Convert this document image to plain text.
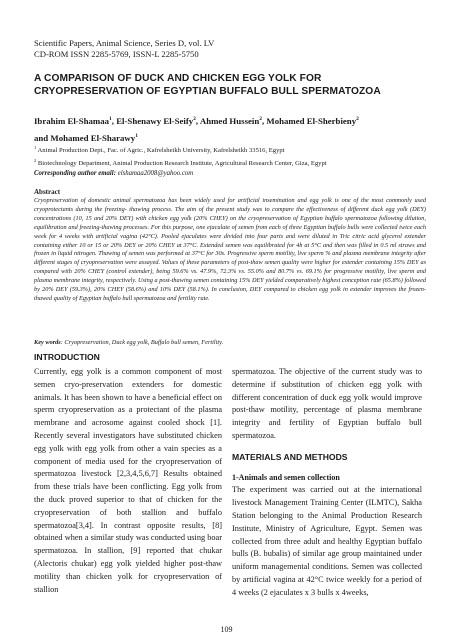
Scientific Papers, Animal Science, Series D, vol. LV
CD-ROM ISSN 2285-5769, ISSN-L 2285-5750
A COMPARISON OF DUCK AND CHICKEN EGG YOLK FOR CRYOPRESERVATION OF EGYPTIAN BUFFALO BULL SPERMATOZOA
Ibrahim El-Shamaa$^1$, El-Shenawy El-Seify$^2$, Ahmed Hussein$^2$, Mohamed El-Sherbieny$^2$
and Mohamed El-Sharawy$^1$
$^1$ Animal Production Dept., Fac. of Agric., Kafrelsheikh University, Kafrelsheikh 33516, Egypt
$^2$ Biotechnology Department, Animal Production Research Institute, Agricultural Research Center, Giza, Egypt
Corresponding author email: elshamaa2008@yahoo.com
Abstract
Cryopreservation of domestic animal spermatozoa has been widely used for artificial insemination and egg yolk is one of the most commonly used cryoprotectants during the freezing- thawing process. The aim of the present study was to compare the effectiveness of different duck egg yolk (DEY) concentrations (10, 15 and 20% DEY) with chicken egg yolk (20% CHEY) on the cryopreservation of Egyptian buffalo spermatozoa following dilution, equilibration and freezing-thawing processes. For this purpose, one ejaculate of semen from each of three Egyptian buffalo bulls were collected twice each week for 4 weeks with artificial vagina (42°C). Pooled ejaculates were divided into four parts and were diluted in Tric citric acid glycerol extender containing either 10 or 15 or 20% DEY or 20% CHEY at 37°C. Extended semen was equilibrated for 4h at 5°C and then was filled in 0.5 ml straws and frozen in liquid nitrogen. Thawing of semen was performed at 37°C for 30s. Progressive sperm motility, live sperm % and plasma membrane integrity after different stages of cryopreservation were assayed. Values of these parameters of post-thaw semen quality were higher for extender containing 15% DEY as compared with 20% CHEY (control extender), being 59.6% vs. 47.9%, 72.3% vs. 55.0% and 80.7% vs. 69.1% for progressive motility, live sperm and plasma membrane integrity, respectively. Using a post-thawing semen containing 15% DEY yielded comparatively highest conception rate (65.8%) followed by 20% DEY (59.3%), 20% CHEY (58.6%) and 10% DEY (58.1%). In conclusion, DEY compared to chicken egg yolk in extender improves the frozen-thawed quality of Egyptian buffalo bull spermatozoa and fertility rate.
Key words: Cryopreservation, Duck egg yolk, Buffalo bull semen, Fertility.
INTRODUCTION

Currently, egg yolk is a common component of most semen cryo-preservation extenders for domestic animals. It has been shown to have a beneficial effect on sperm cryopreservation as a protectant of the plasma membrane and acrosome against cooled shock [1]. Recently several investigators have substituted chicken egg yolk with egg yolk from other a vain species as a component of media used for the cryopreservation of spermatozoa livestock [2,3,4,5,6,7] Results obtained from these trials have been conflicting. Egg yolk from the duck proved superior to that of chicken for the cryopreservation of both stallion and buffalo spermatozoa[3,4]. In contrast opposite results, [8] obtained when a similar study was conducted using boar spermatozoa. In stallion, [9] reported that chukar (Alectoris chukar) egg yolk yielded higher post-thaw motility than chicken yolk for cryopreservation of stallion

spermatozoa. The objective of the current study was to determine if substitution of chicken egg yolk with different concentration of duck egg yolk would improve post-thaw motility, percentage of plasma membrane integrity and fertility of Egyptian buffalo bull spermatozoa.

MATERIALS AND METHODS
1-Animals and semen collection

The experiment was carried out at the international livestock Management Training Center (ILMTC), Sakha Station belonging to the Animal Production Research Institute, Ministry of Agriculture, Egypt. Semen was collected from three adult and healthy Egyptian buffalo bulls (B. bubalis) of similar age group maintained under uniform managemental conditions. Semen was collected by artificial vagina at 42°C twice weekly for a period of 4 weeks (2 ejaculates x 3 bulls x 4weeks,

109
